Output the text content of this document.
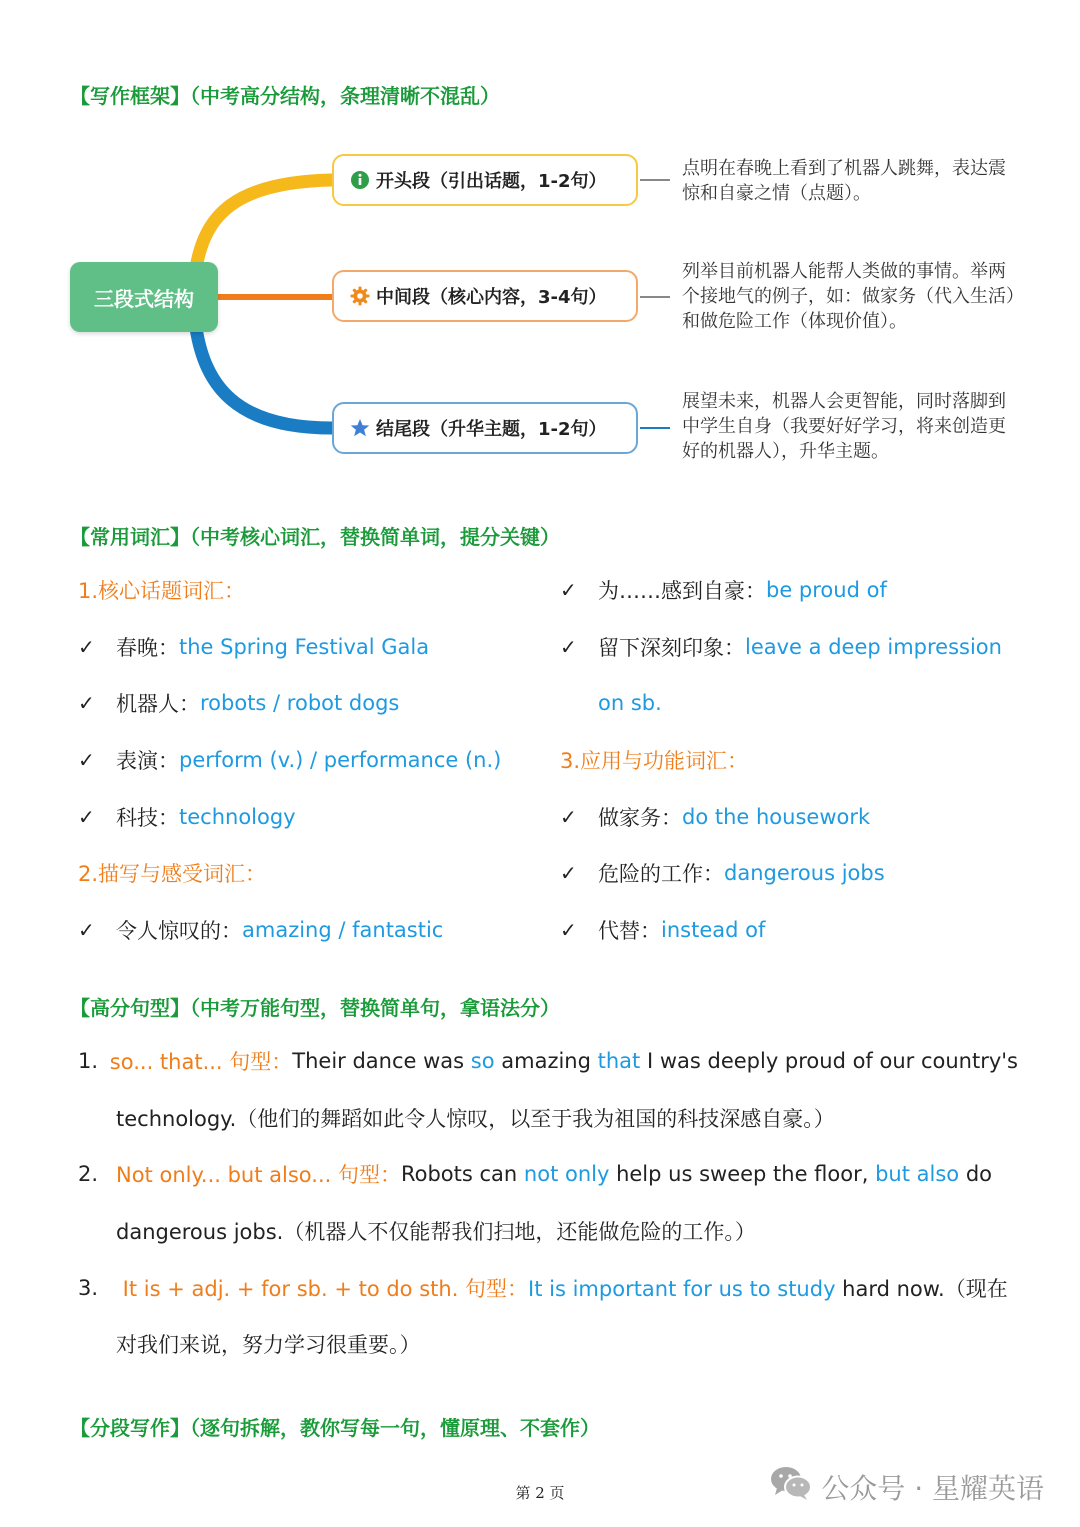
【写作框架】（中考高分结构，条理清晰不混乱）
三段式结构
开头段（引出话题，1-2句）
中间段（核心内容，3-4句）
结尾段（升华主题，1-2句）
点明在春晚上看到了机器人跳舞，表达震惊和自豪之情（点题）。
列举目前机器人能帮人类做的事情。举两个接地气的例子，如：做家务（代入生活）和做危险工作（体现价值）。
展望未来，机器人会更智能，同时落脚到中学生自身（我要好好学习，将来创造更好的机器人），升华主题。
【常用词汇】（中考核心词汇，替换简单词，提分关键）
1.核心话题词汇：
✓	春晚： the Spring Festival Gala
✓	机器人： robots / robot dogs
✓	表演： perform (v.) / performance (n.)
✓	科技： technology
2.描写与感受词汇：
✓	令人惊叹的： amazing / fantastic
✓	为……感到自豪： be proud of
✓	留下深刻印象： leave a deep impression
on sb.
3.应用与功能词汇：
✓	做家务： do the housework
✓	危险的工作： dangerous jobs
✓	代替： instead of
【高分句型】（中考万能句型，替换简单句，拿语法分）
1. so... that... 句型： Their dance was so amazing that I was deeply proud of our country's
technology.（他们的舞蹈如此令人惊叹，以至于我为祖国的科技深感自豪。）
2. Not only... but also... 句型： Robots can not only help us sweep the floor, but also do
dangerous jobs.（机器人不仅能帮我们扫地，还能做危险的工作。）
3. It is + adj. + for sb. + to do sth. 句型： It is important for us to study hard now.（现在
对我们来说，努力学习很重要。）
【分段写作】（逐句拆解，教你写每一句，懂原理、不套作）
第 2 页	公众号 · 星耀英语
